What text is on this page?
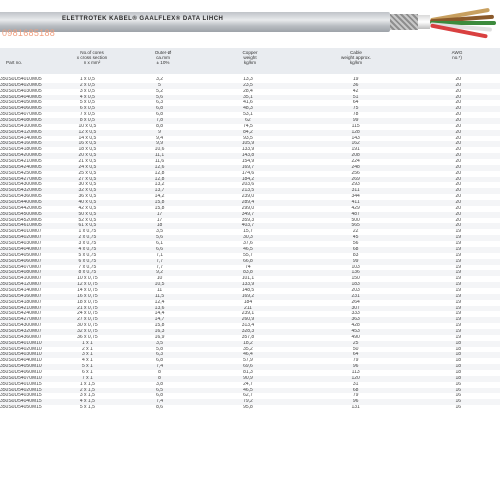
ELETTROTEK KABEL® GAALFLEX® DATA LIHCH
0981685188
Part no.
No.of cores
x cross section
n x mm²
Outer-Ø
ca.mm
± 10%
Copper
weight
kg/km
Cable
weight approx.
kg/km
AWG
no.*)
350S0D54010M05	1 x 0,5	3,2	13,3	19	20
350S0D54020M05	2 x 0,5	5	23,5	36	20
350S0D54030M05	3 x 0,5	5,2	28,4	42	20
350S0D54040M05	4 x 0,5	5,6	35,1	51	20
350S0D54050M05	5 x 0,5	6,3	41,6	64	20
350S0D54060M05	6 x 0,5	6,8	48,3	75	20
350S0D54070M05	7 x 0,5	6,8	53,1	78	20
350S0D54080M05	8 x 0,5	7,8	62	99	20
350S0D54100M05	10 x 0,5	8,8	74,5	115	20
350S0D54120M05	12 x 0,5	9	84,2	128	20
350S0D54140M05	14 x 0,5	9,4	93,5	143	20
350S0D54160M05	16 x 0,5	9,9	105,9	162	20
350S0D54180M05	18 x 0,5	10,6	133,9	191	20
350S0D54200M05	20 x 0,5	11,1	143,8	208	20
350S0D54210M05	21 x 0,5	11,6	154,9	224	20
350S0D54240M05	24 x 0,5	12,6	169,7	248	20
350S0D54250M05	25 x 0,5	12,8	174,6	256	20
350S0D54270M05	27 x 0,5	12,8	184,2	269	20
350S0D54300M05	30 x 0,5	13,2	203,6	293	20
350S0D54320M05	32 x 0,5	13,7	213,5	311	20
350S0D54360M05	36 x 0,5	14,2	239,0	344	20
350S0D54400M05	40 x 0,5	15,8	289,4	411	20
350S0D54420M05	42 x 0,5	15,8	299,0	429	20
350S0D54500M05	50 x 0,5	17	349,7	487	20
350S0D54520M05	52 x 0,5	17	359,3	500	20
350S0D54610M05	61 x 0,5	18	403,7	565	20
350S0D54010M07	1 x 0,75	3,5	15,7	22	19
350S0D54020M07	2 x 0,75	5,6	30,3	45	19
350S0D54030M07	3 x 0,75	6,1	37,6	56	19
350S0D54040M07	4 x 0,75	6,6	46,5	68	19
350S0D54050M07	5 x 0,75	7,1	55,7	83	19
350S0D54060M07	6 x 0,75	7,7	66,8	99	19
350S0D54070M07	7 x 0,75	7,7	74	103	19
350S0D54080M07	8 x 0,75	9,2	83,8	136	19
350S0D54100M07	10 x 0,75	10	101,1	150	19
350S0D54120M07	12 x 0,75	10,5	133,9	183	19
350S0D54140M07	14 x 0,75	11	148,5	203	19
350S0D54160M07	16 x 0,75	11,5	169,2	231	19
350S0D54180M07	18 x 0,75	12,4	184	264	19
350S0D54210M07	21 x 0,75	13,6	211	307	19
350S0D54240M07	24 x 0,75	14,4	239,1	333	19
350S0D54270M07	27 x 0,75	14,7	260,9	363	19
350S0D54300M07	30 x 0,75	15,8	313,4	428	19
350S0D54320M07	32 x 0,75	16,3	328,3	453	19
350S0D54360M07	36 x 0,75	16,9	357,8	490	19
350S0D54010M10	1 x 1	3,5	18,2	25	18
350S0D54020M10	2 x 1	5,8	35,2	50	18
350S0D54030M10	3 x 1	6,3	46,4	64	18
350S0D54040M10	4 x 1	6,8	57,9	79	18
350S0D54050M10	5 x 1	7,4	69,6	96	18
350S0D54060M10	6 x 1	8	81,3	113	18
350S0D54070M10	7 x 1	8	90,9	120	18
350S0D54010M15	1 x 1,5	3,8	24,7	31	16
350S0D54020M15	2 x 1,5	6,5	46,5	68	16
350S0D54030M15	3 x 1,5	6,8	62,7	79	16
350S0D54040M15	4 x 1,5	7,4	79,2	96	16
350S0D54050M15	5 x 1,5	8,6	95,8	131	16
